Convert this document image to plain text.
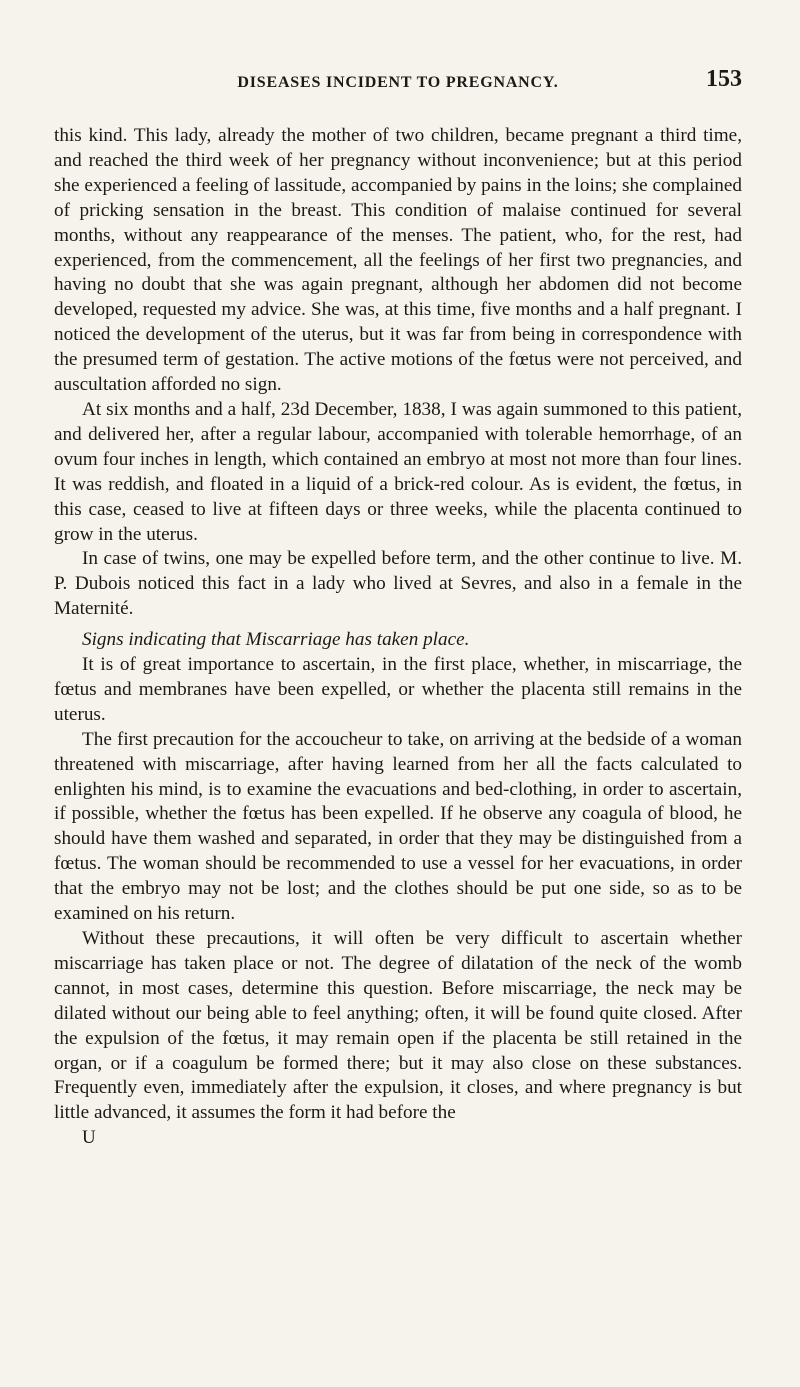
DISEASES INCIDENT TO PREGNANCY.	153

this kind. This lady, already the mother of two children, became pregnant a third time, and reached the third week of her pregnancy without inconvenience; but at this period she experienced a feeling of lassitude, accompanied by pains in the loins; she complained of pricking sensation in the breast. This condition of malaise continued for several months, without any reappearance of the menses. The patient, who, for the rest, had experienced, from the commencement, all the feelings of her first two pregnancies, and having no doubt that she was again pregnant, although her abdomen did not become developed, requested my advice. She was, at this time, five months and a half pregnant. I noticed the development of the uterus, but it was far from being in correspondence with the presumed term of gestation. The active motions of the fœtus were not perceived, and auscultation afforded no sign.

At six months and a half, 23d December, 1838, I was again summoned to this patient, and delivered her, after a regular labour, accompanied with tolerable hemorrhage, of an ovum four inches in length, which contained an embryo at most not more than four lines. It was reddish, and floated in a liquid of a brick-red colour. As is evident, the fœtus, in this case, ceased to live at fifteen days or three weeks, while the placenta continued to grow in the uterus.

In case of twins, one may be expelled before term, and the other continue to live. M. P. Dubois noticed this fact in a lady who lived at Sevres, and also in a female in the Maternité.

Signs indicating that Miscarriage has taken place.

It is of great importance to ascertain, in the first place, whether, in miscarriage, the fœtus and membranes have been expelled, or whether the placenta still remains in the uterus.

The first precaution for the accoucheur to take, on arriving at the bedside of a woman threatened with miscarriage, after having learned from her all the facts calculated to enlighten his mind, is to examine the evacuations and bed-clothing, in order to ascertain, if possible, whether the fœtus has been expelled. If he observe any coagula of blood, he should have them washed and separated, in order that they may be distinguished from a fœtus. The woman should be recommended to use a vessel for her evacuations, in order that the embryo may not be lost; and the clothes should be put one side, so as to be examined on his return.

Without these precautions, it will often be very difficult to ascertain whether miscarriage has taken place or not. The degree of dilatation of the neck of the womb cannot, in most cases, determine this question. Before miscarriage, the neck may be dilated without our being able to feel anything; often, it will be found quite closed. After the expulsion of the fœtus, it may remain open if the placenta be still retained in the organ, or if a coagulum be formed there; but it may also close on these substances. Frequently even, immediately after the expulsion, it closes, and where pregnancy is but little advanced, it assumes the form it had before the

U
